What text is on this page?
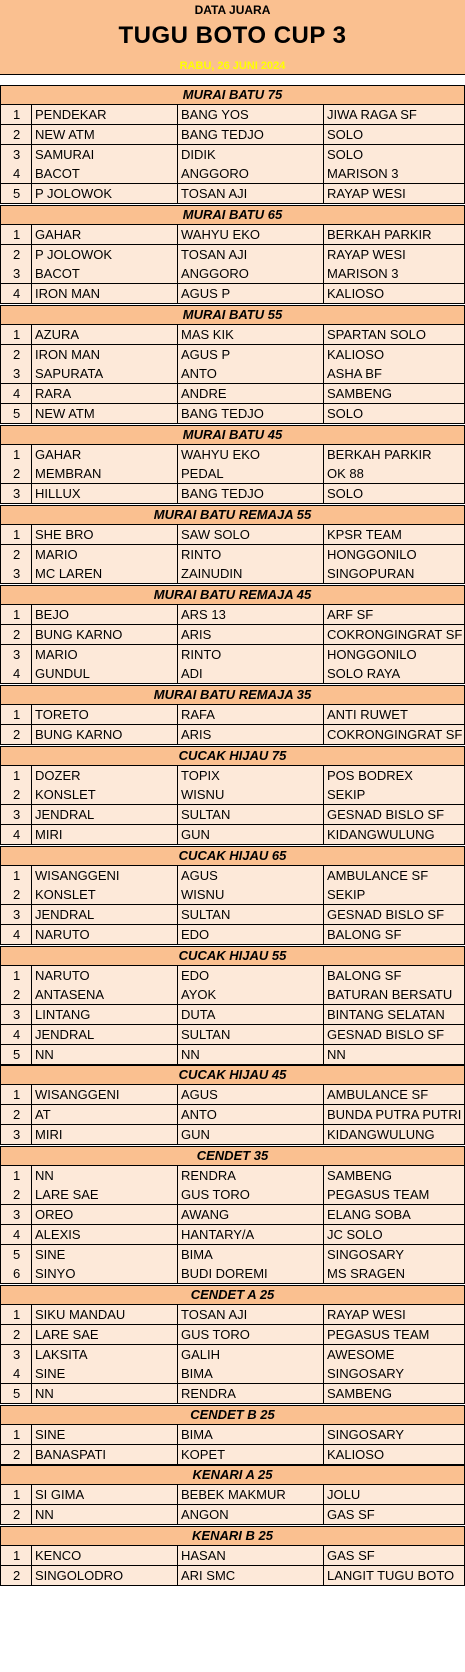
DATA JUARA
TUGU BOTO CUP 3
RABU, 26 JUNI 2024
MURAI BATU 75
1	PENDEKAR	BANG YOS	JIWA RAGA SF
2	NEW ATM	BANG TEDJO	SOLO
3	SAMURAI	DIDIK	SOLO
4	BACOT	ANGGORO	MARISON 3
5	P JOLOWOK	TOSAN AJI	RAYAP WESI
MURAI BATU 65
1	GAHAR	WAHYU EKO	BERKAH PARKIR
2	P JOLOWOK	TOSAN AJI	RAYAP WESI
3	BACOT	ANGGORO	MARISON 3
4	IRON MAN	AGUS P	KALIOSO
MURAI BATU 55
1	AZURA	MAS KIK	SPARTAN SOLO
2	IRON MAN	AGUS P	KALIOSO
3	SAPURATA	ANTO	ASHA BF
4	RARA	ANDRE	SAMBENG
5	NEW ATM	BANG TEDJO	SOLO
MURAI BATU 45
1	GAHAR	WAHYU EKO	BERKAH PARKIR
2	MEMBRAN	PEDAL	OK 88
3	HILLUX	BANG TEDJO	SOLO
MURAI BATU REMAJA 55
1	SHE BRO	SAW SOLO	KPSR TEAM
2	MARIO	RINTO	HONGGONILO
3	MC LAREN	ZAINUDIN	SINGOPURAN
MURAI BATU REMAJA 45
1	BEJO	ARS 13	ARF SF
2	BUNG KARNO	ARIS	COKRONGINGRAT SF
3	MARIO	RINTO	HONGGONILO
4	GUNDUL	ADI	SOLO RAYA
MURAI BATU REMAJA 35
1	TORETO	RAFA	ANTI RUWET
2	BUNG KARNO	ARIS	COKRONGINGRAT SF
CUCAK HIJAU 75
1	DOZER	TOPIX	POS BODREX
2	KONSLET	WISNU	SEKIP
3	JENDRAL	SULTAN	GESNAD BISLO SF
4	MIRI	GUN	KIDANGWULUNG
CUCAK HIJAU 65
1	WISANGGENI	AGUS	AMBULANCE SF
2	KONSLET	WISNU	SEKIP
3	JENDRAL	SULTAN	GESNAD BISLO SF
4	NARUTO	EDO	BALONG SF
CUCAK HIJAU 55
1	NARUTO	EDO	BALONG SF
2	ANTASENA	AYOK	BATURAN BERSATU
3	LINTANG	DUTA	BINTANG SELATAN
4	JENDRAL	SULTAN	GESNAD BISLO SF
5	NN	NN	NN
CUCAK HIJAU 45
1	WISANGGENI	AGUS	AMBULANCE SF
2	AT	ANTO	BUNDA PUTRA PUTRI
3	MIRI	GUN	KIDANGWULUNG
CENDET 35
1	NN	RENDRA	SAMBENG
2	LARE SAE	GUS TORO	PEGASUS TEAM
3	OREO	AWANG	ELANG SOBA
4	ALEXIS	HANTARY/A	JC SOLO
5	SINE	BIMA	SINGOSARY
6	SINYO	BUDI DOREMI	MS SRAGEN
CENDET A 25
1	SIKU MANDAU	TOSAN AJI	RAYAP WESI
2	LARE SAE	GUS TORO	PEGASUS TEAM
3	LAKSITA	GALIH	AWESOME
4	SINE	BIMA	SINGOSARY
5	NN	RENDRA	SAMBENG
CENDET B 25
1	SINE	BIMA	SINGOSARY
2	BANASPATI	KOPET	KALIOSO
KENARI A 25
1	SI GIMA	BEBEK MAKMUR	JOLU
2	NN	ANGON	GAS SF
KENARI B 25
1	KENCO	HASAN	GAS SF
2	SINGOLODRO	ARI SMC	LANGIT TUGU BOTO
